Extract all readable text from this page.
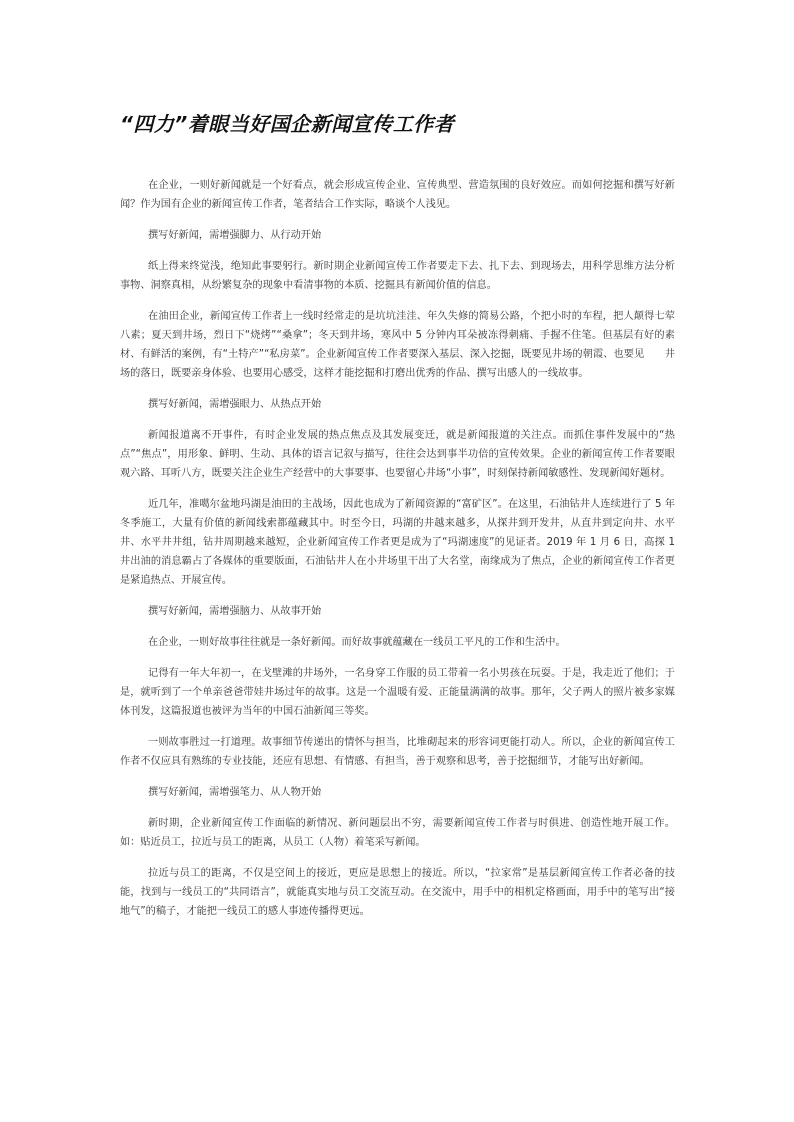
“四力”着眼当好国企新闻宣传工作者

在企业，一则好新闻就是一个好看点，就会形成宣传企业、宣传典型、营造氛围的良好效应。而如何挖掘和撰写好新闻？作为国有企业的新闻宣传工作者，笔者结合工作实际，略谈个人浅见。

撰写好新闻，需增强脚力、从行动开始

纸上得来终觉浅，绝知此事要躬行。新时期企业新闻宣传工作者要走下去、扎下去、到现场去，用科学思维方法分析事物、洞察真相，从纷繁复杂的现象中看清事物的本质、挖掘具有新闻价值的信息。

在油田企业，新闻宣传工作者上一线时经常走的是坑坑洼洼、年久失修的简易公路，个把小时的车程，把人颠得七荤八素；夏天到井场，烈日下“烧烤”“桑拿”；冬天到井场，寒风中 5 分钟内耳朵被冻得刺痛、手握不住笔。但基层有好的素材、有鲜活的案例，有“土特产”“私房菜”。企业新闻宣传工作者要深入基层、深入挖掘，既要见井场的朝霞、也要见　　井场的落日，既要亲身体验、也要用心感受，这样才能挖掘和打磨出优秀的作品、撰写出感人的一线故事。

撰写好新闻，需增强眼力、从热点开始

新闻报道离不开事件，有时企业发展的热点焦点及其发展变迁，就是新闻报道的关注点。而抓住事件发展中的“热点”“焦点”，用形象、鲜明、生动、具体的语言记叙与描写，往往会达到事半功倍的宣传效果。企业的新闻宣传工作者要眼观六路、耳听八方，既要关注企业生产经营中的大事要事、也要留心井场“小事”，时刻保持新闻敏感性、发现新闻好题材。

近几年，准噶尔盆地玛湖是油田的主战场，因此也成为了新闻资源的“富矿区”。在这里，石油钻井人连续进行了 5 年冬季施工，大量有价值的新闻线索都蕴藏其中。时至今日，玛湖的井越来越多，从探井到开发井，从直井到定向井、水平井、水平井井组，钻井周期越来越短，企业新闻宣传工作者更是成为了“玛湖速度”的见证者。2019 年 1 月 6 日，高探 1 井出油的消息霸占了各媒体的重要版面，石油钻井人在小井场里干出了大名堂，南缘成为了焦点，企业的新闻宣传工作者更是紧追热点、开展宣传。

撰写好新闻，需增强脑力、从故事开始

在企业，一则好故事往往就是一条好新闻。而好故事就蕴藏在一线员工平凡的工作和生活中。

记得有一年大年初一，在戈壁滩的井场外，一名身穿工作服的员工带着一名小男孩在玩耍。于是，我走近了他们；于是，就听到了一个单亲爸爸带娃井场过年的故事。这是一个温暖有爱、正能量满满的故事。那年，父子两人的照片被多家媒体刊发，这篇报道也被评为当年的中国石油新闻三等奖。

一则故事胜过一打道理。故事细节传递出的情怀与担当，比堆砌起来的形容词更能打动人。所以，企业的新闻宣传工作者不仅应具有熟练的专业技能，还应有思想、有情感、有担当，善于观察和思考，善于挖掘细节，才能写出好新闻。

撰写好新闻，需增强笔力、从人物开始

新时期，企业新闻宣传工作面临的新情况、新问题层出不穷，需要新闻宣传工作者与时俱进、创造性地开展工作。如：贴近员工，拉近与员工的距离，从员工（人物）着笔采写新闻。

拉近与员工的距离，不仅是空间上的接近，更应是思想上的接近。所以，“拉家常”是基层新闻宣传工作者必备的技能，找到与一线员工的“共同语言”，就能真实地与员工交流互动。在交流中，用手中的相机定格画面，用手中的笔写出“接地气”的稿子，才能把一线员工的感人事迹传播得更远。
